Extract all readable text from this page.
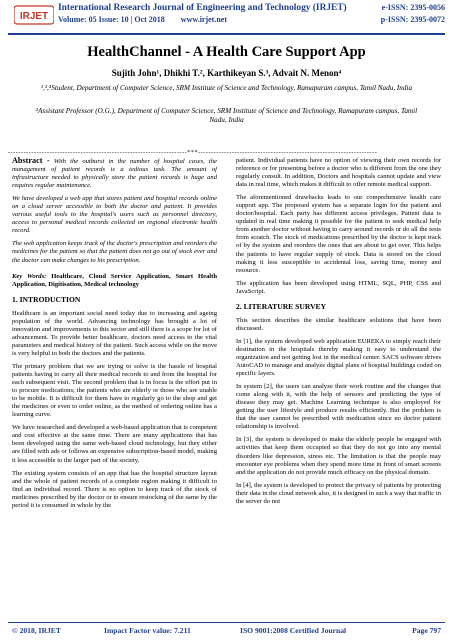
IRJET
International Research Journal of Engineering and Technology (IRJET)
Volume: 05 Issue: 10 | Oct 2018 www.irjet.net
e-ISSN: 2395-0056
p-ISSN: 2395-0072
HealthChannel - A Health Care Support App
Sujith John¹, Dhikhi T.², Karthikeyan S.³, Advait N. Menon⁴
¹,³,⁴Student, Department of Computer Science, SRM Institute of Science and Technology, Ramapuram campus, Tamil Nadu, India
²Assistant Professor (O.G.), Department of Computer Science, SRM Institute of Science and Technology, Ramapuram campus, Tamil Nadu, India
---------------------------------------------------------------------***---------------------------------------------------------------------

Abstract - With the outburst in the number of hospital cases, the management of patient records is a tedious task. The amount of infrastructure needed to physically store the patient records is huge and requires regular maintenance.

We have developed a web app that stores patient and hospital records online on a cloud server accessible to both the doctor and patient. It provides various useful tools to the hospital's users such as personnel directory, access to personal medical records collected on regional electronic health record.

The web application keeps track of the doctor's prescription and reorders the medicines for the patient so that the patient does not go out of stock ever and the doctor can make changes to his prescription.

Key Words: Healthcare, Cloud Service Application, Smart Health Application, Digitisation, Medical technology

1. INTRODUCTION

Healthcare is an important social need today due to increasing and ageing population of the world. Advancing technology has brought a lot of innovation and improvements to this sector and still there is a scope for lot of advancement. To provide better healthcare, doctors need access to the vital parameters and medical history of the patient. Such access while on the move is very helpful to both the doctors and the patients.

The primary problem that we are trying to solve is the hassle of hospital patients having to carry all their medical records to and from the hospital for each subsequent visit. The second problem that is in focus is the effort put in to procure medications; the patients who are elderly or those who are unable to be mobile. It is difficult for them have to regularly go to the shop and get the medicines or even to order online, as the method of ordering online has a learning curve.

We have researched and developed a web-based application that is competent and cost effective at the same time. There are many applications that has been developed using the same web-based cloud technology, but they either are filled with ads or follows an expensive subscription-based model, making it less accessible to the larger part of the society.

The existing system consists of an app that has the hospital structure layout and the whole of patient records of a complete region making it difficult to find an individual record. There is no option to keep track of the stock of medicines prescribed by the doctor or to ensure restocking of the same by the period it is consumed in whole by the

patient. Individual patients have no option of viewing their own records for reference or for presenting before a doctor who is different from the one they regularly consult. In addition, Doctors and hospitals cannot update and view data in real time, which makes it difficult to offer remote medical support.

The aforementioned drawbacks leads to our comprehensive health care support app. The proposed system has a separate login for the patient and doctor/hospital. Each party has different access privileges. Patient data is updated in real time making it possible for the patient to seek medical help from another doctor without having to carry around records or do all the tests from scratch. The stock of medications prescribed by the doctor is kept track of by the system and reorders the ones that are about to get over. This helps the patients to have regular supply of stock. Data is stored on the cloud making it less susceptible to accidental loss, saving time, money and resource.

The application has been developed using HTML, SQL, PHP, CSS and JavaScript.

2. LITERATURE SURVEY

This section describes the similar healthcare solutions that have been discussed.

In [1], the system developed web application EUREKA to simply reach their destination in the hospitals thereby making it easy to understand the organization and not getting lost in the medical center. SACS software drives AutoCAD to manage and analyze digital plans of hospital buildings coded on specific layers.

In system [2], the users can analyze their work routine and the changes that come along with it, with the help of sensors and predicting the type of disease they may get. Machine Learning technique is also employed for getting the user lifestyle and produce results efficiently. But the problem is that the user cannot be prescribed with medication since no doctor patient relationship is involved.

In [3], the system is developed to make the elderly people be engaged with activities that keep them occupied so that they do not go into any mental disorders like depression, stress etc. The limitation is that the people may encounter eye problems when they spend more time in front of smart screens and the application do not provide much efficacy on the physical domain.

In [4], the system is developed to protect the privacy of patients by protecting their data in the cloud network also, it is designed in such a way that traffic in the server do not

© 2018, IRJET	Impact Factor value: 7.211	ISO 9001:2008 Certified Journal	Page 797
